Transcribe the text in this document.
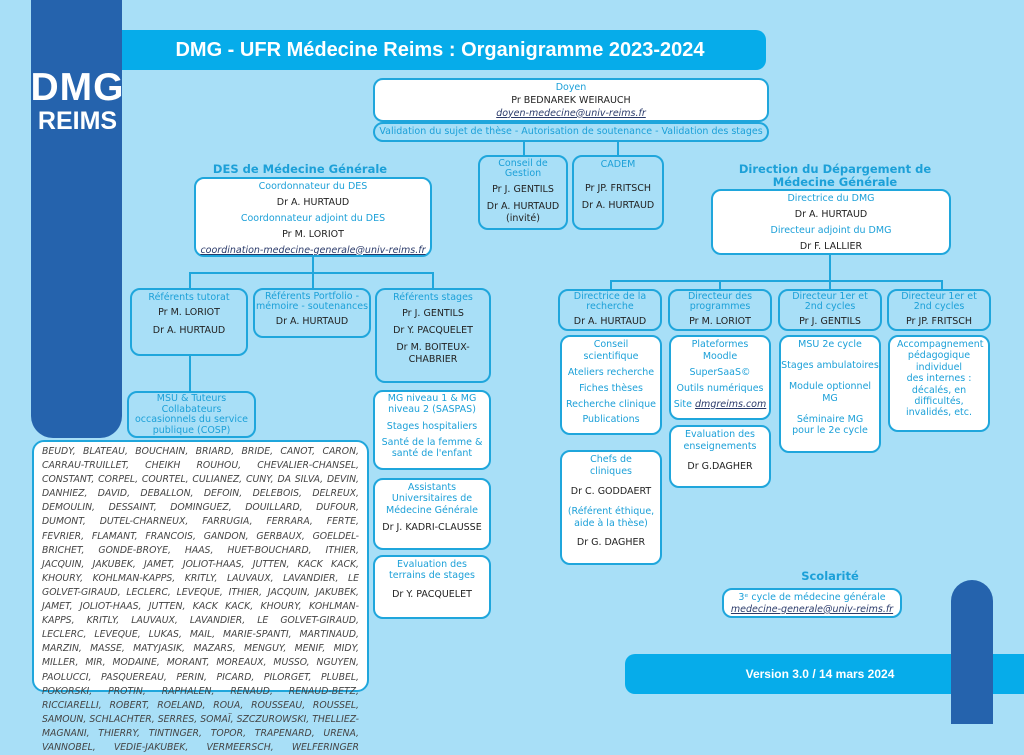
DMG - UFR Médecine Reims : Organigramme 2023-2024
DMG
REIMS
Version 3.0 / 14 mars 2024
Doyen
Pr BEDNAREK WEIRAUCH
doyen-medecine@univ-reims.fr
Validation du sujet de thèse - Autorisation de soutenance - Validation des stages
Conseil de Gestion
Pr J. GENTILS
Dr A. HURTAUD
(invité)
CADEM
Pr JP. FRITSCH
Dr A. HURTAUD
DES de Médecine Générale
Coordonnateur du DES
Dr A. HURTAUD
Coordonnateur adjoint du DES
Pr M. LORIOT
coordination-medecine-generale@univ-reims.fr
Référents tutorat
Pr M. LORIOT
Dr A. HURTAUD
Référents Portfolio - mémoire - soutenances
Dr A. HURTAUD
Référents stages
Pr J. GENTILS
Dr Y. PACQUELET
Dr M. BOITEUX-CHABRIER
MSU & Tuteurs Collabateurs occasionnels du service publique (COSP)
BEUDY, BLATEAU, BOUCHAIN, BRIARD, BRIDE, CANOT, CARON, CARRAU-TRUILLET, CHEIKH ROUHOU, CHEVALIER-CHANSEL, CONSTANT, CORPEL, COURTEL, CULIANEZ, CUNY, DA SILVA, DEVIN, DANHIEZ, DAVID, DEBALLON, DEFOIN, DELEBOIS, DELREUX, DEMOULIN, DESSAINT, DOMINGUEZ, DOUILLARD, DUFOUR, DUMONT, DUTEL-CHARNEUX, FARRUGIA, FERRARA, FERTE, FEVRIER, FLAMANT, FRANCOIS, GANDON, GERBAUX, GOELDEL-BRICHET, GONDE-BROYE, HAAS, HUET-BOUCHARD, ITHIER, JACQUIN, JAKUBEK, JAMET, JOLIOT-HAAS, JUTTEN, KACK KACK, KHOURY, KOHLMAN-KAPPS, KRITLY, LAUVAUX, LAVANDIER, LE GOLVET-GIRAUD, LECLERC, LEVEQUE, ITHIER, JACQUIN, JAKUBEK, JAMET, JOLIOT-HAAS, JUTTEN, KACK KACK, KHOURY, KOHLMAN-KAPPS, KRITLY, LAUVAUX, LAVANDIER, LE GOLVET-GIRAUD, LECLERC, LEVEQUE, LUKAS, MAIL, MARIE-SPANTI, MARTINAUD, MARZIN, MASSE, MATYJASIK, MAZARS, MENGUY, MENIF, MIDY, MILLER, MIR, MODAINE, MORANT, MOREAUX, MUSSO, NGUYEN, PAOLUCCI, PASQUEREAU, PERIN, PICARD, PILORGET, PLUBEL, POKORSKI, PROTIN, RAPHALEN, RENAUD, RENAUD-BETZ, RICCIARELLI, ROBERT, ROELAND, ROUA, ROUSSEAU, ROUSSEL, SAMOUN, SCHLACHTER, SERRES, SOMAÏ, SZCZUROWSKI, THELLIEZ-MAGNANI, THIERRY, TINTINGER, TOPOR, TRAPENARD, URENA, VANNOBEL, VEDIE-JAKUBEK, VERMEERSCH, WELFERINGER
MG niveau 1 & MG niveau 2 (SASPAS)
Stages hospitaliers
Santé de la femme & santé de l'enfant
Assistants Universitaires de Médecine Générale
Dr J. KADRI-CLAUSSE
Evaluation des terrains de stages
Dr Y. PACQUELET
Direction du Dépargement de Médecine Générale
Directrice du DMG
Dr A. HURTAUD
Directeur adjoint du DMG
Dr F. LALLIER
Directrice de la recherche
Dr A. HURTAUD
Directeur des programmes
Pr M. LORIOT
Directeur 1er et 2nd cycles
Pr J. GENTILS
Directeur 1er et 2nd cycles
Pr JP. FRITSCH
Conseil scientifique
Ateliers recherche
Fiches thèses
Recherche clinique
Publications
Plateformes Moodle
SuperSaaS©
Outils numériques
Site dmgreims.com
MSU 2e cycle
Stages ambulatoires
Module optionnel MG
Séminaire MG pour le 2e cycle
Accompagnement pédagogique individuel
des internes : décalés, en difficultés, invalidés, etc.
Evaluation des enseignements
Dr G.DAGHER
Chefs de cliniques
Dr C. GODDAERT
(Référent éthique, aide à la thèse)
Dr G. DAGHER
Scolarité
3ᵉ cycle de médecine générale
medecine-generale@univ-reims.fr
